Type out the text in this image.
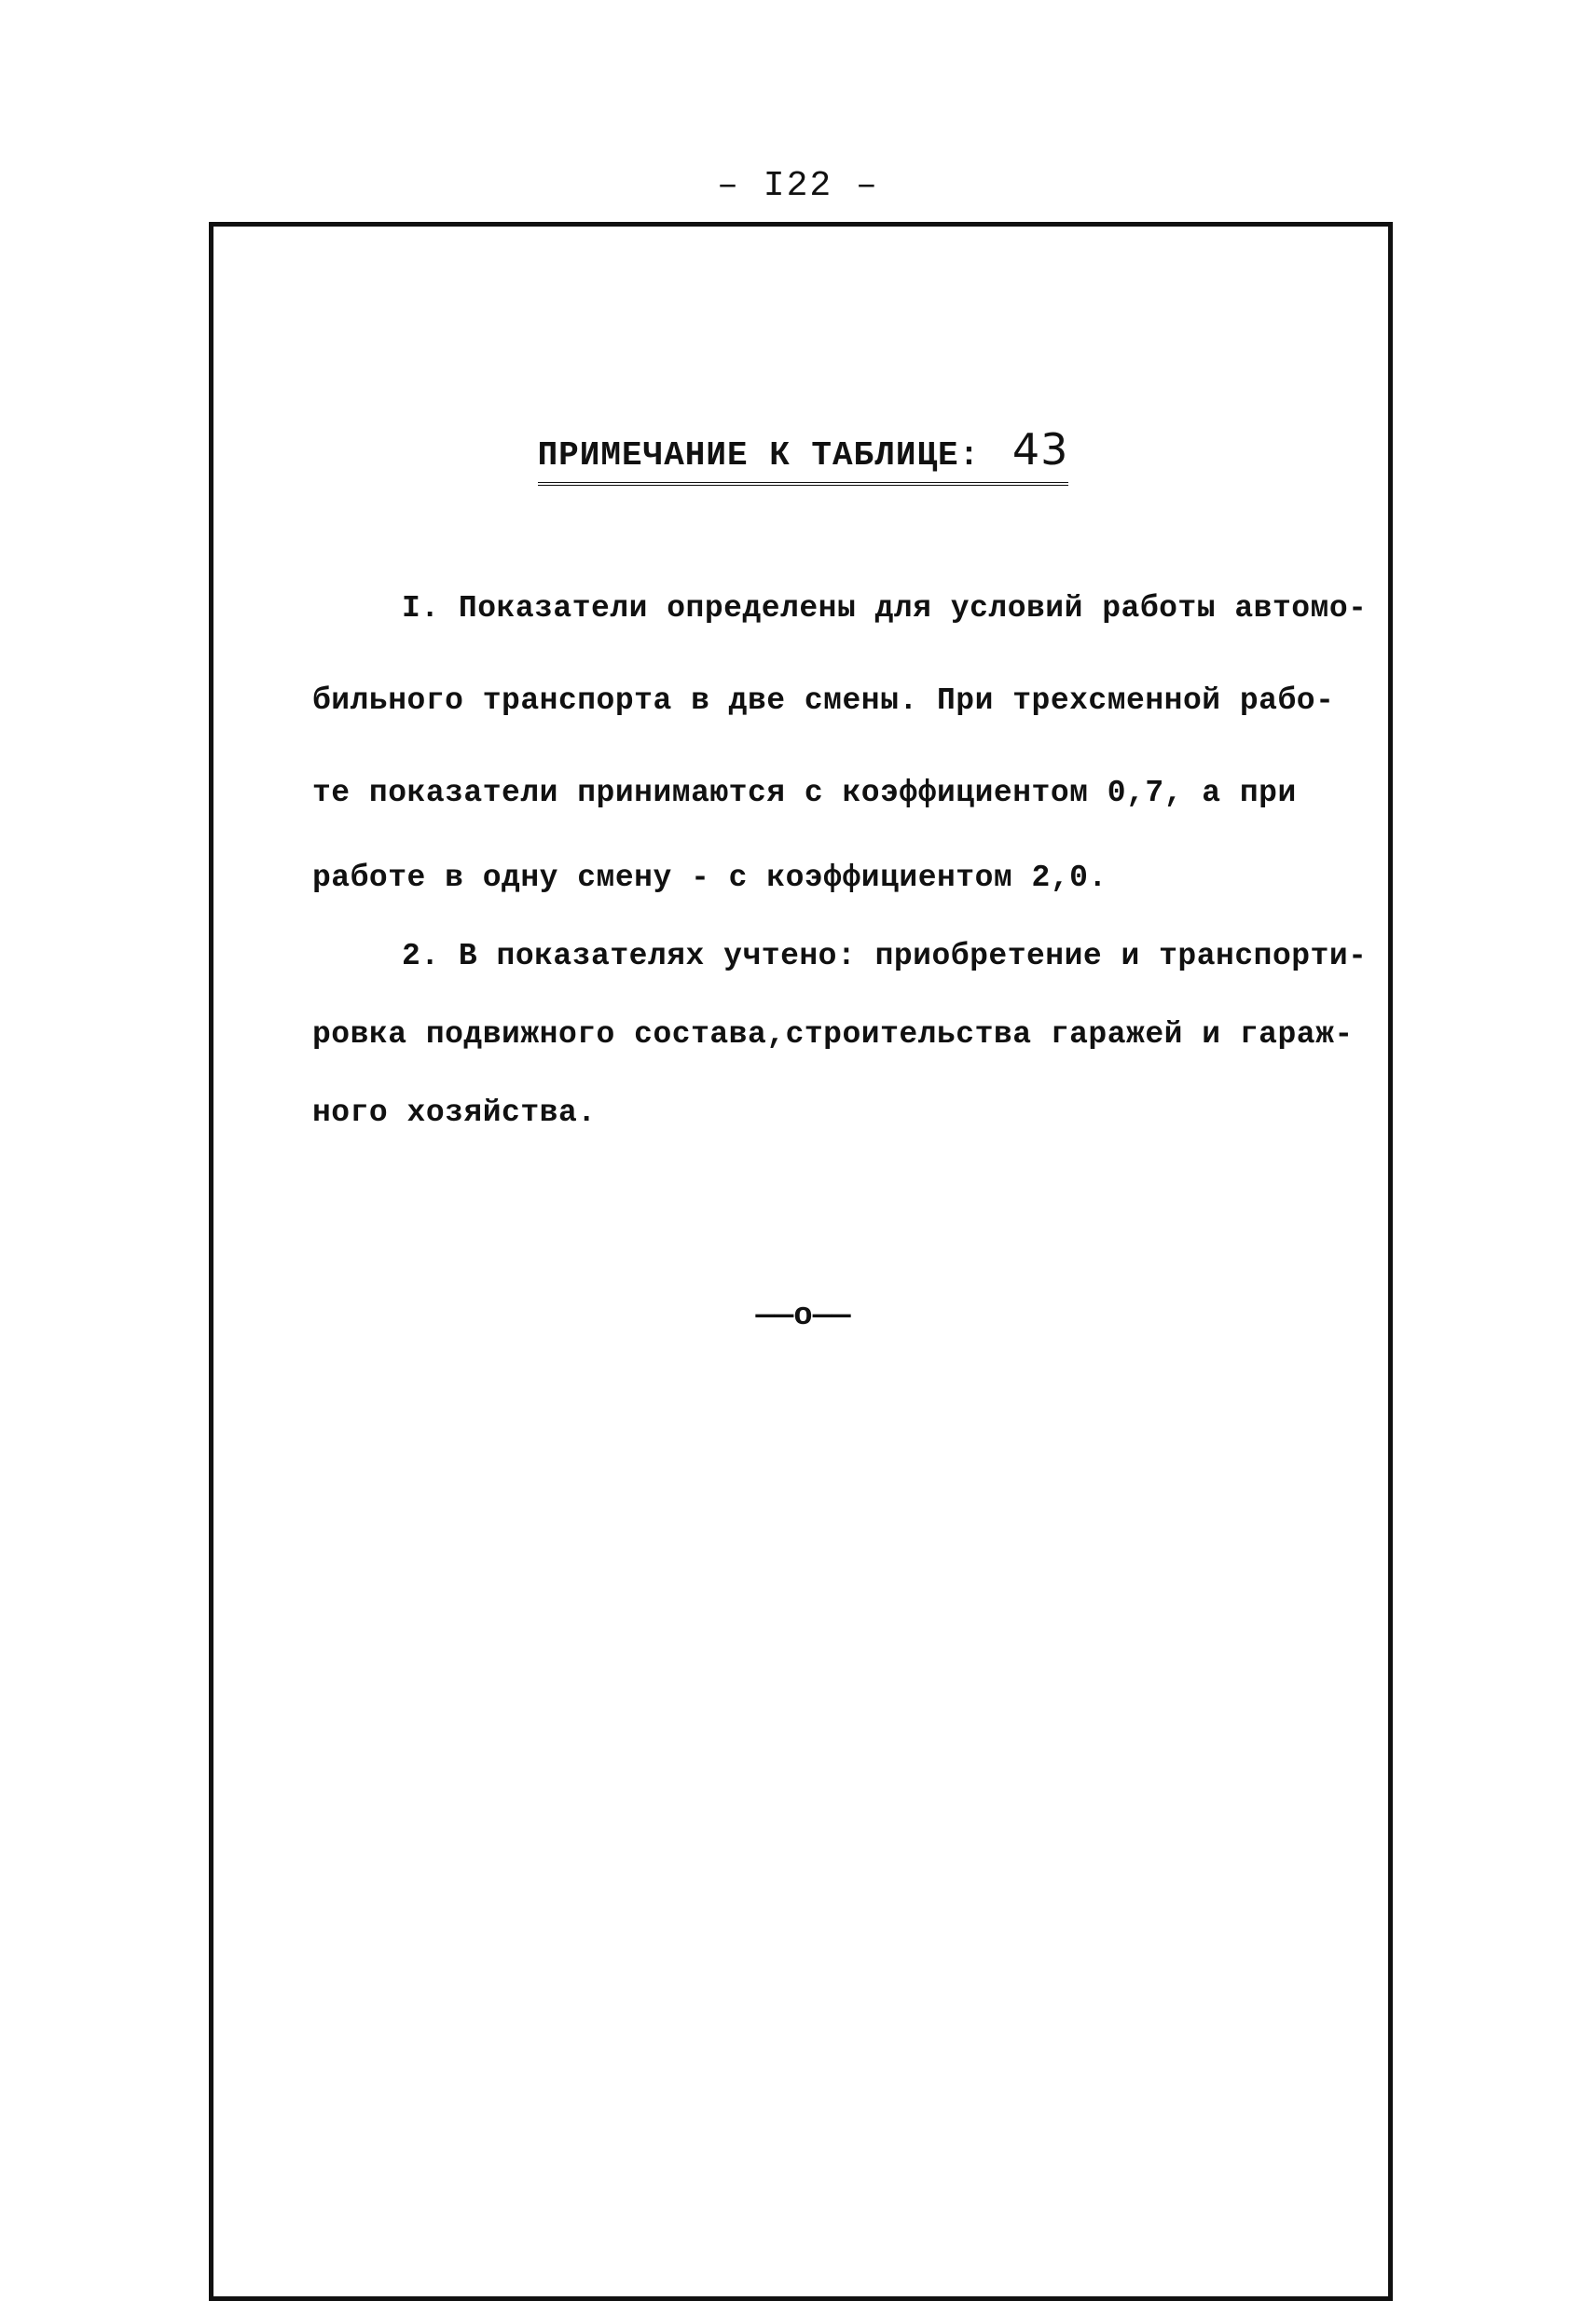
– I22 –
ПРИМЕЧАНИЕ К ТАБЛИЦЕ: 43
I. Показатели определены для условий работы автомо-
бильного транспорта в две смены. При трехсменной рабо-
те показатели принимаются с коэффициентом 0,7, а при
работе в одну смену - с коэффициентом 2,0.
2. В показателях учтено: приобретение и транспорти-
ровка подвижного состава,строительства гаражей и гараж-
ного хозяйства.
——o——
